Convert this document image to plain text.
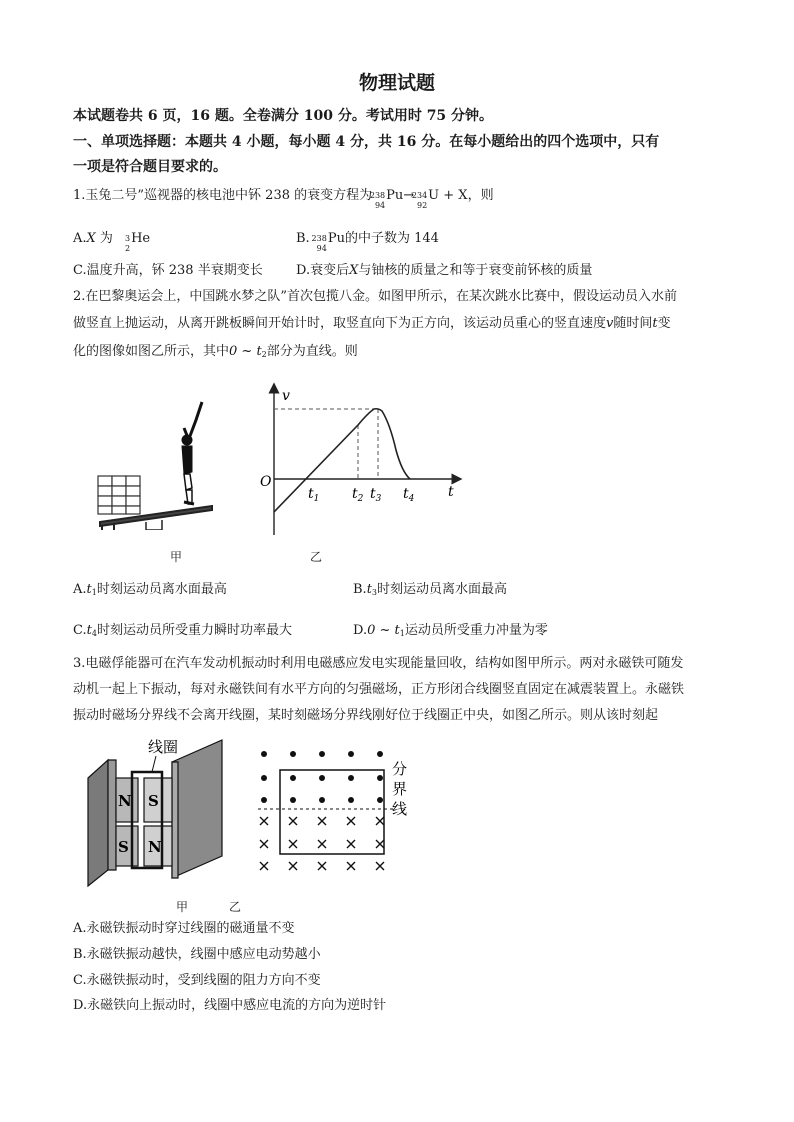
物理试题
本试题卷共 6 页，16 题。全卷满分 100 分。考试用时 75 分钟。
一、单项选择题：本题共 4 小题，每小题 4 分，共 16 分。在每小题给出的四个选项中，只有
一项是符合题目要求的。
1.玉兔二号”巡视器的核电池中钚 238 的衰变方程为
238
94
Pu→
234
92
U + X，则
A.X 为 3
2
He	B.
238
94
Pu的中子数为 144
C.温度升高，钚 238 半衰期变长	D.衰变后X与铀核的质量之和等于衰变前钚核的质量
2.在巴黎奥运会上，中国跳水梦之队”首次包揽八金。如图甲所示，在某次跳水比赛中，假设运动员入水前
做竖直上抛运动，从离开跳板瞬间开始计时，取竖直向下为正方向，该运动员重心的竖直速度v随时间t变
化的图像如图乙所示，其中0 ~ $t_2$部分为直线。则
v
O
t
$t_1$ $t_2$ $t_3$ $t_4$
甲	乙
$A.t_1$时刻运动员离水面最高	$B.t_3$时刻运动员离水面最高
$C.t_4$时刻运动员所受重力瞬时功率最大	D.0 ~ $t_1$运动员所受重力冲量为零
3.电磁俘能器可在汽车发动机振动时利用电磁感应发电实现能量回收，结构如图甲所示。两对永磁铁可随发
动机一起上下振动，每对永磁铁间有水平方向的匀强磁场，正方形闭合线圈竖直固定在减震装置上。永磁铁
振动时磁场分界线不会离开线圈，某时刻磁场分界线刚好位于线圈正中央，如图乙所示。则从该时刻起
线圈
N S
S N
分
界
线
甲	乙
A.永磁铁振动时穿过线圈的磁通量不变
B.永磁铁振动越快，线圈中感应电动势越小
C.永磁铁振动时，受到线圈的阻力方向不变
D.永磁铁向上振动时，线圈中感应电流的方向为逆时针
